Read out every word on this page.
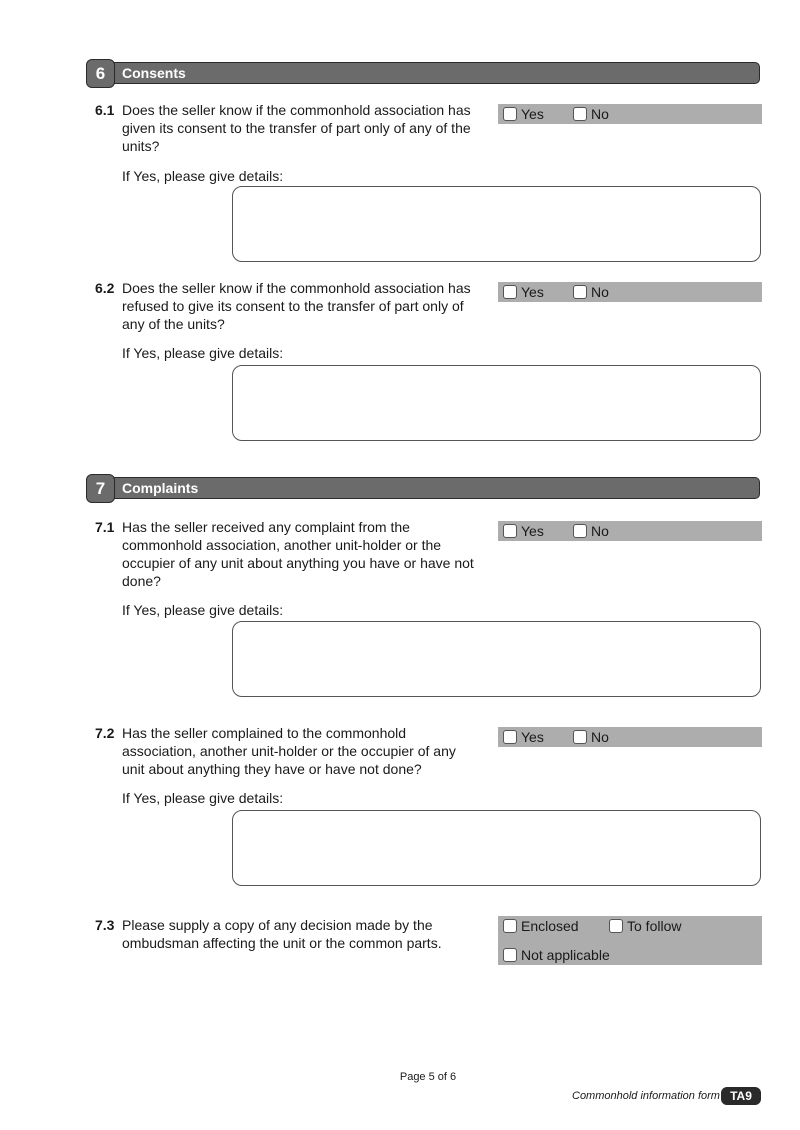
6	Consents
6.1 Does the seller know if the commonhold association has given its consent to the transfer of part only of any of the units?
Yes	No
If Yes, please give details:
6.2 Does the seller know if the commonhold association has refused to give its consent to the transfer of part only of any of the units?
Yes	No
If Yes, please give details:
7	Complaints
7.1 Has the seller received any complaint from the commonhold association, another unit-holder or the occupier of any unit about anything you have or have not done?
Yes	No
If Yes, please give details:
7.2 Has the seller complained to the commonhold association, another unit-holder or the occupier of any unit about anything they have or have not done?
Yes	No
If Yes, please give details:
7.3 Please supply a copy of any decision made by the ombudsman affecting the unit or the common parts.
Enclosed	To follow
Not applicable
Page 5 of 6
Commonhold information form TA9
